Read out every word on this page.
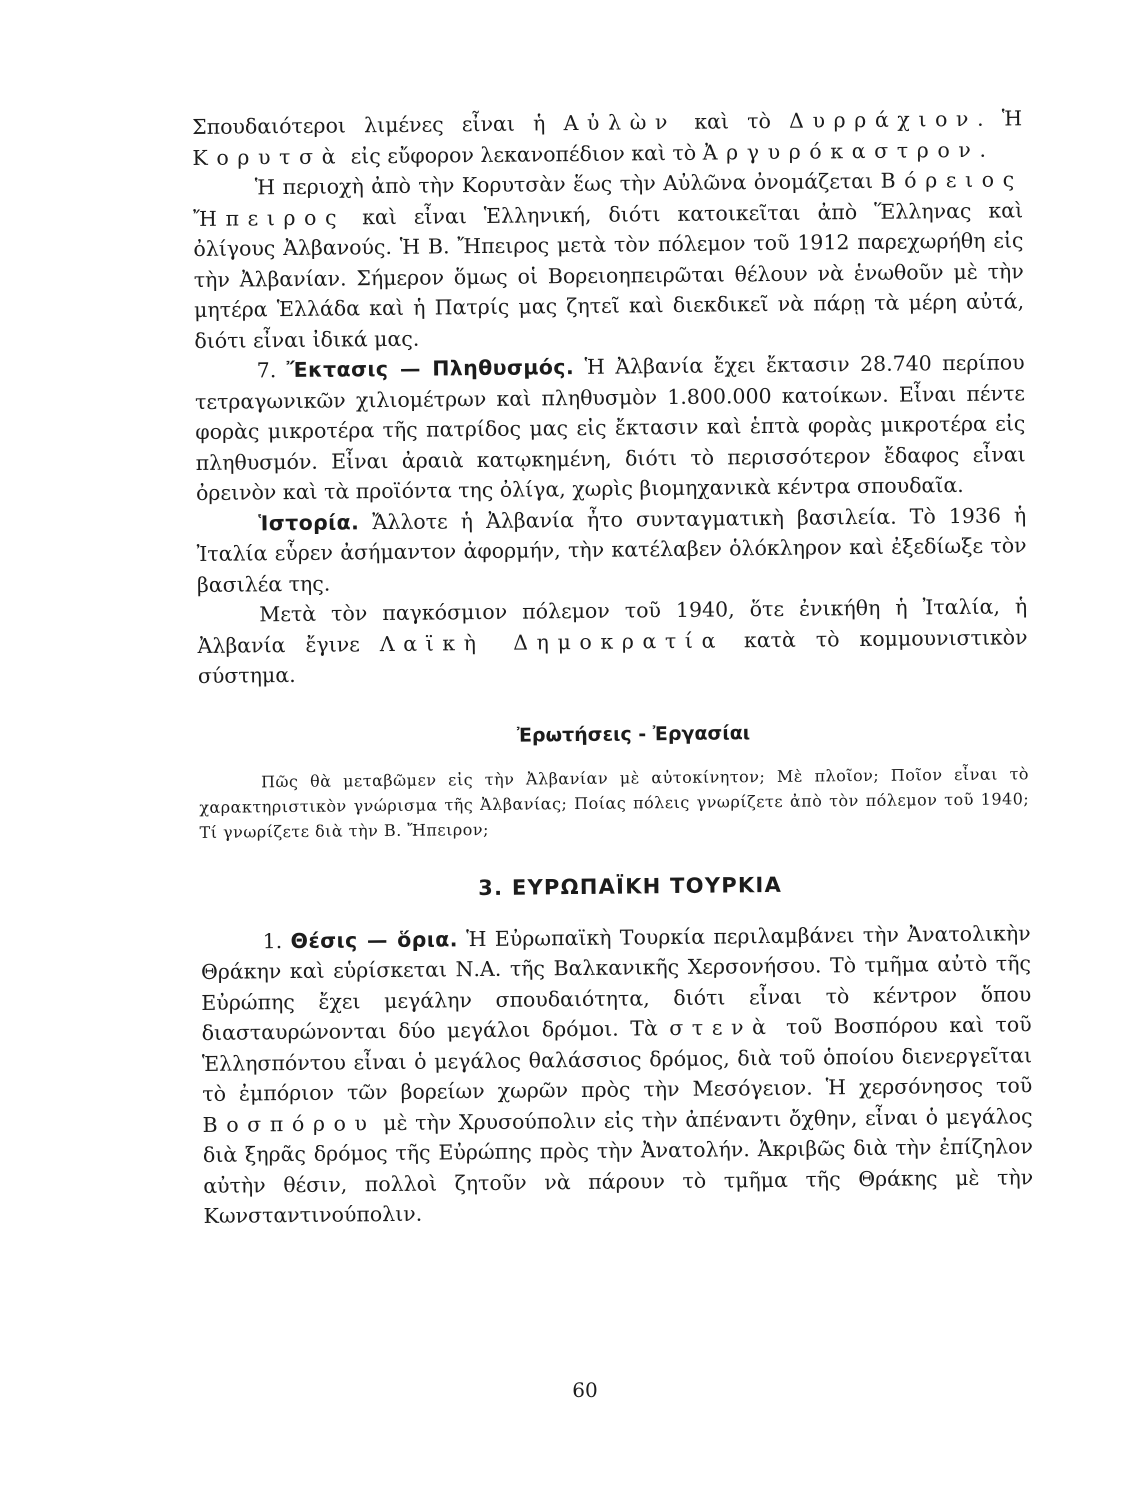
Σπουδαιότεροι λιμένες εἶναι ἡ Αὐλὼν καὶ τὸ Δυρράχιον. Ἡ Κορυτσὰ εἰς εὔφορον λεκανοπέδιον καὶ τὸ Ἀργυρόκαστρον.

Ἡ περιοχὴ ἀπὸ τὴν Κορυτσὰν ἕως τὴν Αὐλῶνα ὀνομάζεται Βόρειος Ἤπειρος καὶ εἶναι Ἑλληνική, διότι κατοικεῖται ἀπὸ Ἕλληνας καὶ ὀλίγους Ἀλβανούς. Ἡ Β. Ἤπειρος μετὰ τὸν πόλεμον τοῦ 1912 παρεχωρήθη εἰς τὴν Ἀλβανίαν. Σήμερον ὅμως οἱ Βορειοηπειρῶται θέλουν νὰ ἑνωθοῦν μὲ τὴν μητέρα Ἑλλάδα καὶ ἡ Πατρίς μας ζητεῖ καὶ διεκδικεῖ νὰ πάρῃ τὰ μέρη αὐτά, διότι εἶναι ἰδικά μας.

7. Ἔκτασις — Πληθυσμός. Ἡ Ἀλβανία ἔχει ἔκτασιν 28.740 περίπου τετραγωνικῶν χιλιομέτρων καὶ πληθυσμὸν 1.800.000 κατοίκων. Εἶναι πέντε φορὰς μικροτέρα τῆς πατρίδος μας εἰς ἔκτασιν καὶ ἑπτὰ φορὰς μικροτέρα εἰς πληθυσμόν. Εἶναι ἀραιὰ κατῳκημένη, διότι τὸ περισσότερον ἔδαφος εἶναι ὀρεινὸν καὶ τὰ προϊόντα της ὀλίγα, χωρὶς βιομηχανικὰ κέντρα σπουδαῖα.

Ἱστορία. Ἄλλοτε ἡ Ἀλβανία ἦτο συνταγματικὴ βασιλεία. Τὸ 1936 ἡ Ἰταλία εὗρεν ἀσήμαντον ἀφορμήν, τὴν κατέλαβεν ὁλόκληρον καὶ ἐξεδίωξε τὸν βασιλέα της.

Μετὰ τὸν παγκόσμιον πόλεμον τοῦ 1940, ὅτε ἐνικήθη ἡ Ἰταλία, ἡ Ἀλβανία ἔγινε Λαϊκὴ Δημοκρατία κατὰ τὸ κομμουνιστικὸν σύστημα.

Ἐρωτήσεις - Ἐργασίαι

Πῶς θὰ μεταβῶμεν εἰς τὴν Ἀλβανίαν μὲ αὐτοκίνητον; Μὲ πλοῖον; Ποῖον εἶναι τὸ χαρακτηριστικὸν γνώρισμα τῆς Ἀλβανίας; Ποίας πόλεις γνωρίζετε ἀπὸ τὸν πόλεμον τοῦ 1940; Τί γνωρίζετε διὰ τὴν Β. Ἤπειρον;

3. ΕΥΡΩΠΑΪΚΗ ΤΟΥΡΚΙΑ

1. Θέσις — ὅρια. Ἡ Εὐρωπαϊκὴ Τουρκία περιλαμβάνει τὴν Ἀνατολικὴν Θράκην καὶ εὑρίσκεται Ν.Α. τῆς Βαλκανικῆς Χερσονήσου. Τὸ τμῆμα αὐτὸ τῆς Εὐρώπης ἔχει μεγάλην σπουδαιότητα, διότι εἶναι τὸ κέντρον ὅπου διασταυρώνονται δύο μεγάλοι δρόμοι. Τὰ στενὰ τοῦ Βοσπόρου καὶ τοῦ Ἑλλησπόντου εἶναι ὁ μεγάλος θαλάσσιος δρόμος, διὰ τοῦ ὁποίου διενεργεῖται τὸ ἐμπόριον τῶν βορείων χωρῶν πρὸς τὴν Μεσόγειον. Ἡ χερσόνησος τοῦ Βοσπόρου μὲ τὴν Χρυσούπολιν εἰς τὴν ἀπέναντι ὄχθην, εἶναι ὁ μεγάλος διὰ ξηρᾶς δρόμος τῆς Εὐρώπης πρὸς τὴν Ἀνατολήν. Ἀκριβῶς διὰ τὴν ἐπίζηλον αὐτὴν θέσιν, πολλοὶ ζητοῦν νὰ πάρουν τὸ τμῆμα τῆς Θράκης μὲ τὴν Κωνσταντινούπολιν.

60
